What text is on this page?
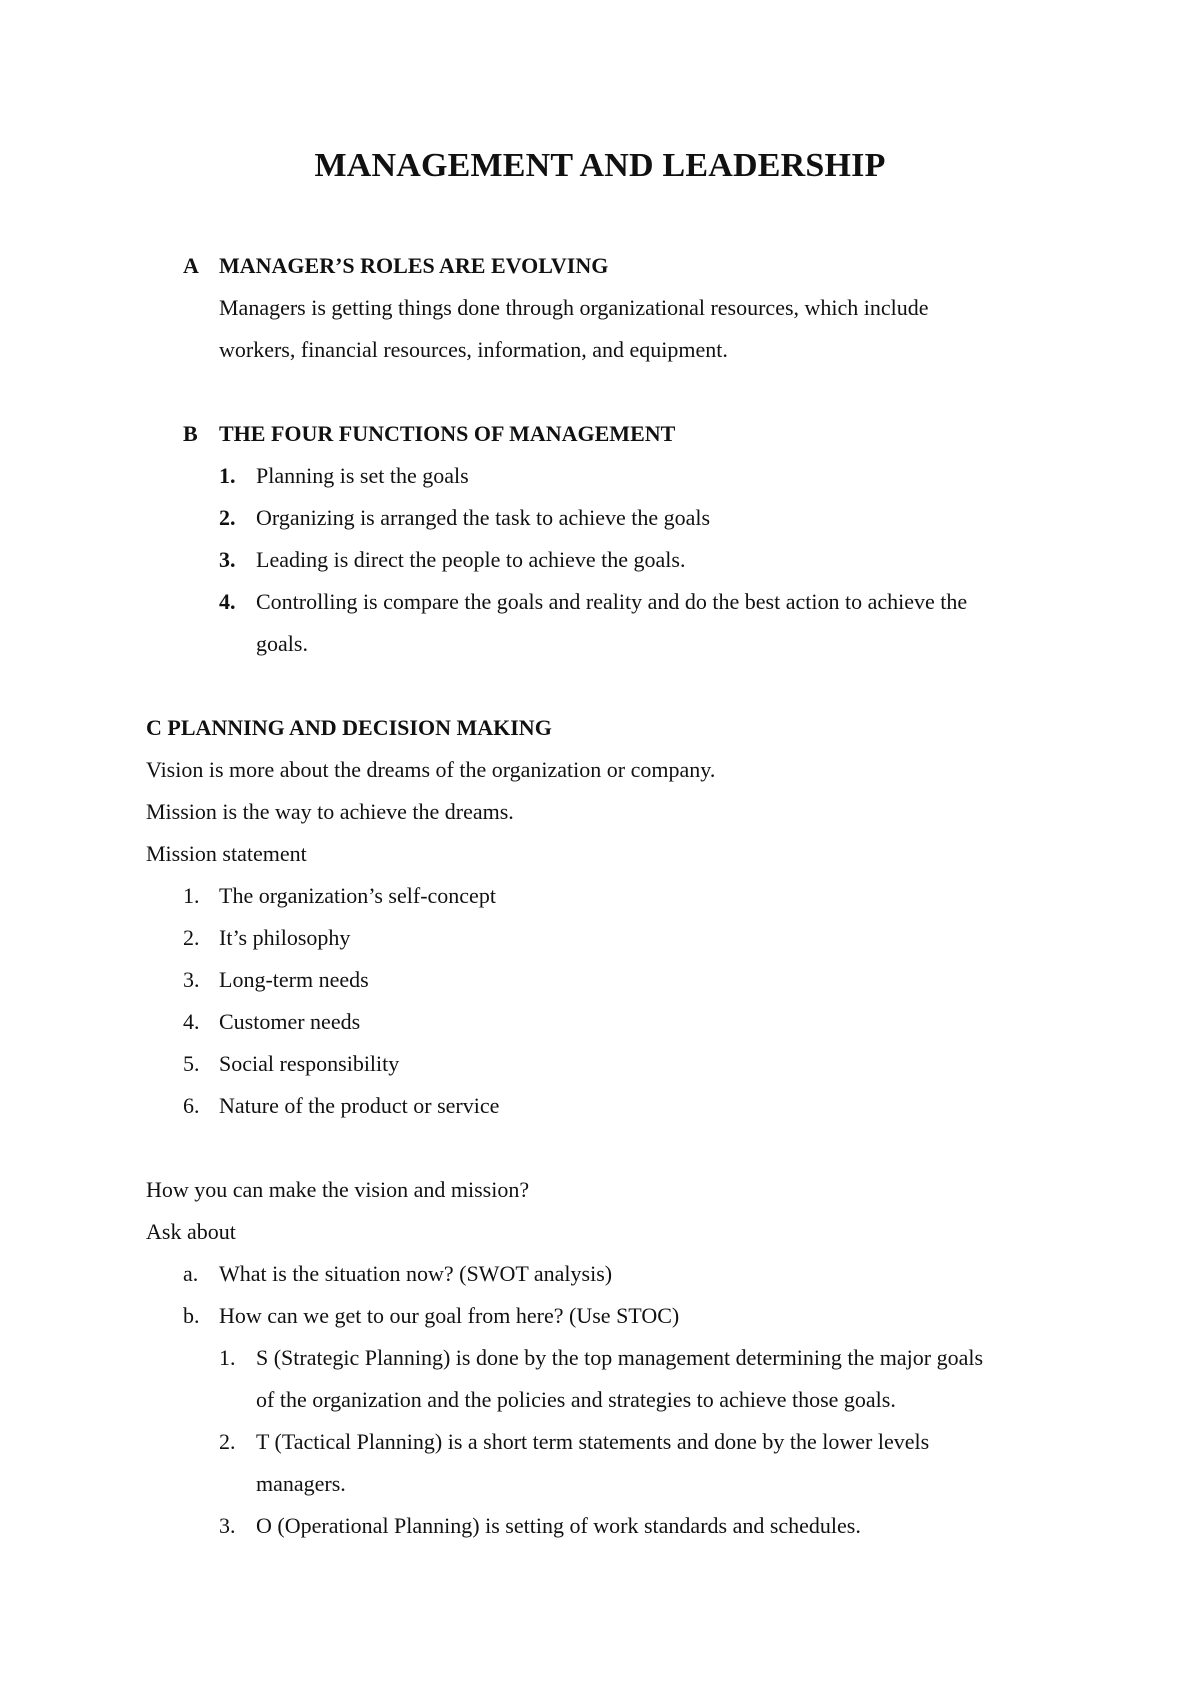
MANAGEMENT AND LEADERSHIP
A MANAGER’S ROLES ARE EVOLVING
Managers is getting things done through organizational resources, which include
workers, financial resources, information, and equipment.
B THE FOUR FUNCTIONS OF MANAGEMENT
1. Planning is set the goals
2. Organizing is arranged the task to achieve the goals
3. Leading is direct the people to achieve the goals.
4. Controlling is compare the goals and reality and do the best action to achieve the
goals.
C PLANNING AND DECISION MAKING
Vision is more about the dreams of the organization or company.
Mission is the way to achieve the dreams.
Mission statement
1. The organization’s self-concept
2. It’s philosophy
3. Long-term needs
4. Customer needs
5. Social responsibility
6. Nature of the product or service
How you can make the vision and mission?
Ask about
a. What is the situation now? (SWOT analysis)
b. How can we get to our goal from here? (Use STOC)
1. S (Strategic Planning) is done by the top management determining the major goals
of the organization and the policies and strategies to achieve those goals.
2. T (Tactical Planning) is a short term statements and done by the lower levels
managers.
3. O (Operational Planning) is setting of work standards and schedules.
